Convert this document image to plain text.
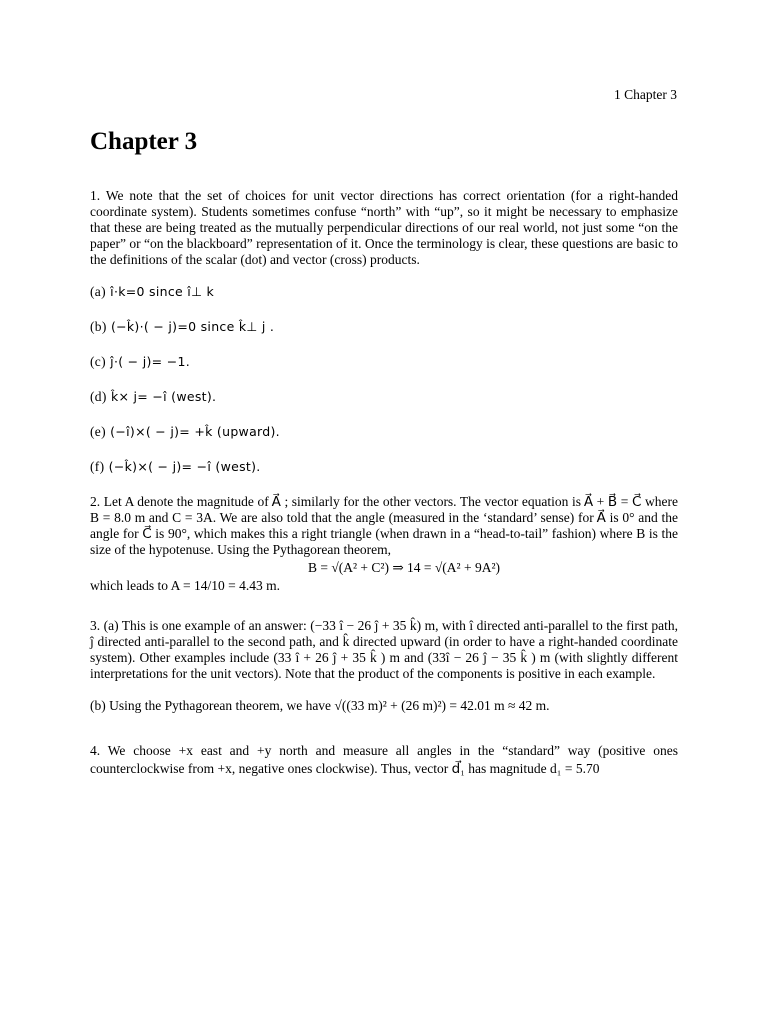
1 Chapter 3
Chapter 3

1. We note that the set of choices for unit vector directions has correct orientation (for a right-handed coordinate system). Students sometimes confuse “north” with “up”, so it might be necessary to emphasize that these are being treated as the mutually perpendicular directions of our real world, not just some “on the paper” or “on the blackboard” representation of it. Once the terminology is clear, these questions are basic to the definitions of the scalar (dot) and vector (cross) products.

(a) î·k=0 since î⊥ k
(b) (−k̂)·( − j)=0 since k̂⊥ j .
(c) ĵ·( − j)= −1.
(d) k̂× j= −î (west).
(e) (−î)×( − j)= +k̂ (upward).
(f) (−k̂)×( − j)= −î (west).

2. Let A denote the magnitude of A⃗ ; similarly for the other vectors. The vector equation is A⃗ + B⃗ = C⃗ where B = 8.0 m and C = 3A. We are also told that the angle (measured in the ‘standard’ sense) for A⃗ is 0° and the angle for C⃗ is 90°, which makes this a right triangle (when drawn in a “head-to-tail” fashion) where B is the size of the hypotenuse. Using the Pythagorean theorem,

B = √(A² + C²) ⇒ 14 = √(A² + 9A²)

which leads to A = 14/10 = 4.43 m.

3. (a) This is one example of an answer: (−33 î − 26 ĵ + 35 k̂) m, with î directed anti-parallel to the first path, ĵ directed anti-parallel to the second path, and k̂ directed upward (in order to have a right-handed coordinate system). Other examples include (33 î + 26 ĵ + 35 k̂ ) m and (33î − 26 ĵ − 35 k̂ ) m (with slightly different interpretations for the unit vectors). Note that the product of the components is positive in each example.

(b) Using the Pythagorean theorem, we have √((33 m)² + (26 m)²) = 42.01 m ≈ 42 m.

4. We choose +x east and +y north and measure all angles in the “standard” way (positive ones counterclockwise from +x, negative ones clockwise). Thus, vector d⃗₁ has magnitude d₁ = 5.70
